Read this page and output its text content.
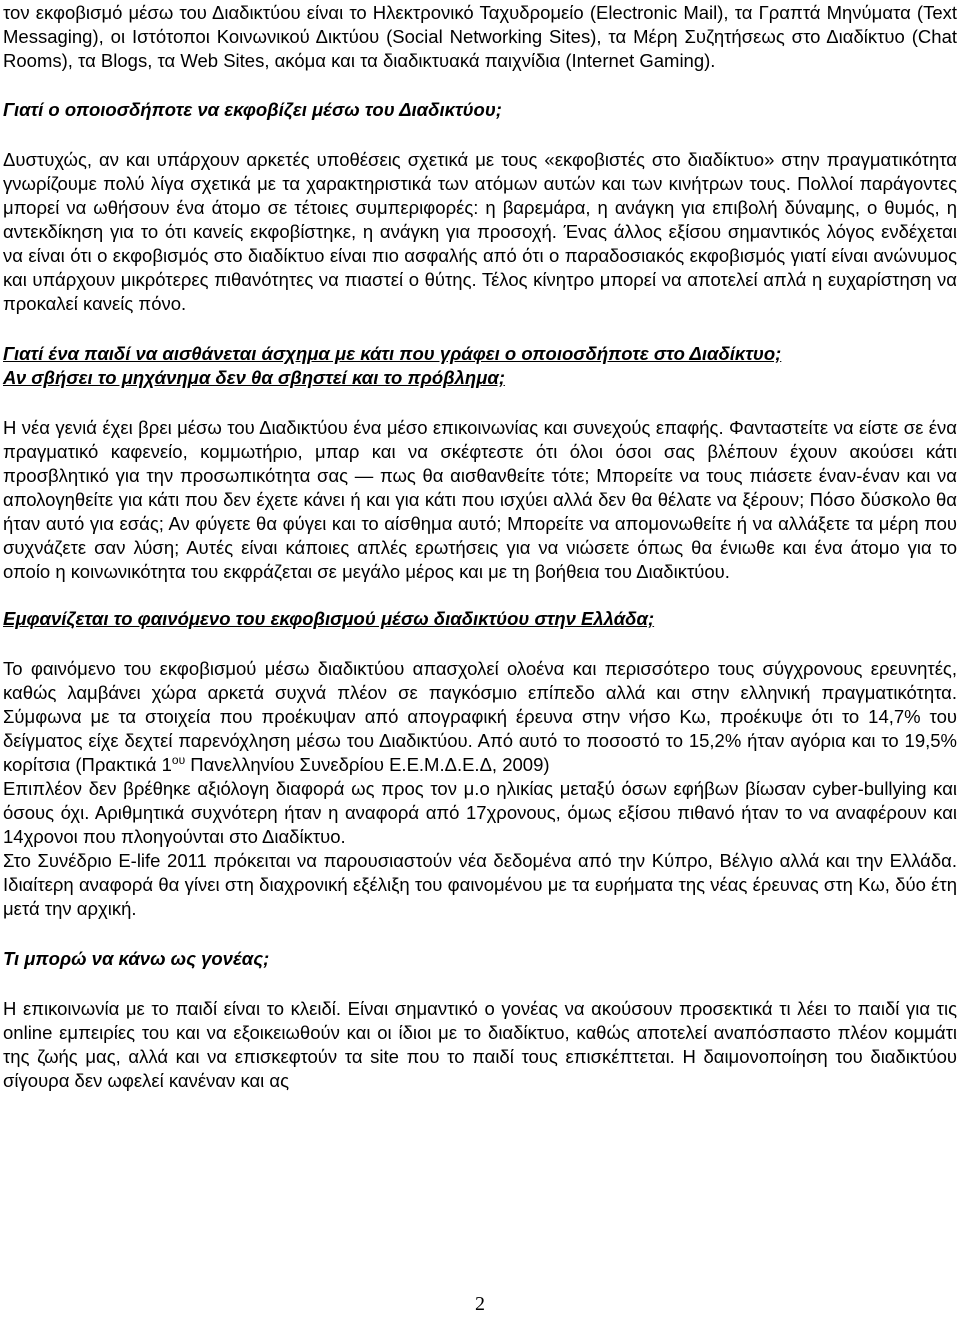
τον εκφοβισμό μέσω του Διαδικτύου είναι το Ηλεκτρονικό Ταχυδρομείο (Electronic Mail), τα Γραπτά Μηνύματα (Text Messaging), οι Ιστότοποι Κοινωνικού Δικτύου (Social Networking Sites), τα Μέρη Συζητήσεως στο Διαδίκτυο (Chat Rooms), τα Blogs, τα Web Sites, ακόμα και τα διαδικτυακά παιχνίδια (Internet Gaming).

Γιατί ο οποιοσδήποτε να εκφοβίζει μέσω του Διαδικτύου;

Δυστυχώς, αν και υπάρχουν αρκετές υποθέσεις σχετικά με τους «εκφοβιστές στο διαδίκτυο» στην πραγματικότητα γνωρίζουμε πολύ λίγα σχετικά με τα χαρακτηριστικά των ατόμων αυτών και των κινήτρων τους. Πολλοί παράγοντες μπορεί να ωθήσουν ένα άτομο σε τέτοιες συμπεριφορές: η βαρεμάρα, η ανάγκη για επιβολή δύναμης, ο θυμός, η αντεκδίκηση για το ότι κανείς εκφοβίστηκε, η ανάγκη για προσοχή. Ένας άλλος εξίσου σημαντικός λόγος ενδέχεται να είναι ότι ο εκφοβισμός στο διαδίκτυο είναι πιο ασφαλής από ότι ο παραδοσιακός εκφοβισμός γιατί είναι ανώνυμος και υπάρχουν μικρότερες πιθανότητες να πιαστεί ο θύτης. Τέλος κίνητρο μπορεί να αποτελεί απλά η ευχαρίστηση να προκαλεί κανείς πόνο.

Γιατί ένα παιδί να αισθάνεται άσχημα με κάτι που γράφει ο οποιοσδήποτε στο Διαδίκτυο;
Αν σβήσει το μηχάνημα δεν θα σβηστεί και το πρόβλημα;

Η νέα γενιά έχει βρει μέσω του Διαδικτύου ένα μέσο επικοινωνίας και συνεχούς επαφής. Φανταστείτε να είστε σε ένα πραγματικό καφενείο, κομμωτήριο, μπαρ και να σκέφτεστε ότι όλοι όσοι σας βλέπουν έχουν ακούσει κάτι προσβλητικό για την προσωπικότητα σας — πως θα αισθανθείτε τότε; Μπορείτε να τους πιάσετε έναν-έναν και να απολογηθείτε για κάτι που δεν έχετε κάνει ή και για κάτι που ισχύει αλλά δεν θα θέλατε να ξέρουν; Πόσο δύσκολο θα ήταν αυτό για εσάς; Αν φύγετε θα φύγει και το αίσθημα αυτό; Μπορείτε να απομονωθείτε ή να αλλάξετε τα μέρη που συχνάζετε σαν λύση; Αυτές είναι κάποιες απλές ερωτήσεις για να νιώσετε όπως θα ένιωθε και ένα άτομο για το οποίο η κοινωνικότητα του εκφράζεται σε μεγάλο μέρος και με τη βοήθεια του Διαδικτύου.

Εμφανίζεται το φαινόμενο του εκφοβισμού μέσω διαδικτύου στην Ελλάδα;

Το φαινόμενο του εκφοβισμού μέσω διαδικτύου απασχολεί ολοένα και περισσότερο τους σύγχρονους ερευνητές, καθώς λαμβάνει χώρα αρκετά συχνά πλέον σε παγκόσμιο επίπεδο αλλά και στην ελληνική πραγματικότητα. Σύμφωνα με τα στοιχεία που προέκυψαν από απογραφική έρευνα στην νήσο Κω, προέκυψε ότι το 14,7% του δείγματος είχε δεχτεί παρενόχληση μέσω του Διαδικτύου. Από αυτό το ποσοστό το 15,2% ήταν αγόρια και το 19,5% κορίτσια (Πρακτικά $1^{o\upsilon}$ Πανελληνίου Συνεδρίου Ε.Ε.Μ.Δ.Ε.Δ, 2009)

Επιπλέον δεν βρέθηκε αξιόλογη διαφορά ως προς τον μ.ο ηλικίας μεταξύ όσων εφήβων βίωσαν cyber-bullying και όσους όχι. Αριθμητικά συχνότερη ήταν η αναφορά από 17χρονους, όμως εξίσου πιθανό ήταν το να αναφέρουν και 14χρονοι που πλοηγούνται στο Διαδίκτυο.

Στο Συνέδριο E-life 2011 πρόκειται να παρουσιαστούν νέα δεδομένα από την Κύπρο, Βέλγιο αλλά και την Ελλάδα. Ιδιαίτερη αναφορά θα γίνει στη διαχρονική εξέλιξη του φαινομένου με τα ευρήματα της νέας έρευνας στη Κω, δύο έτη μετά την αρχική.

Τι μπορώ να κάνω ως γονέας;

Η επικοινωνία με το παιδί είναι το κλειδί. Είναι σημαντικό ο γονέας να ακούσουν προσεκτικά τι λέει το παιδί για τις online εμπειρίες του και να εξοικειωθούν και οι ίδιοι με το διαδίκτυο, καθώς αποτελεί αναπόσπαστο πλέον κομμάτι της ζωής μας, αλλά και να επισκεφτούν τα site που το παιδί τους επισκέπτεται. Η δαιμονοποίηση του διαδικτύου σίγουρα δεν ωφελεί κανέναν και ας

2
